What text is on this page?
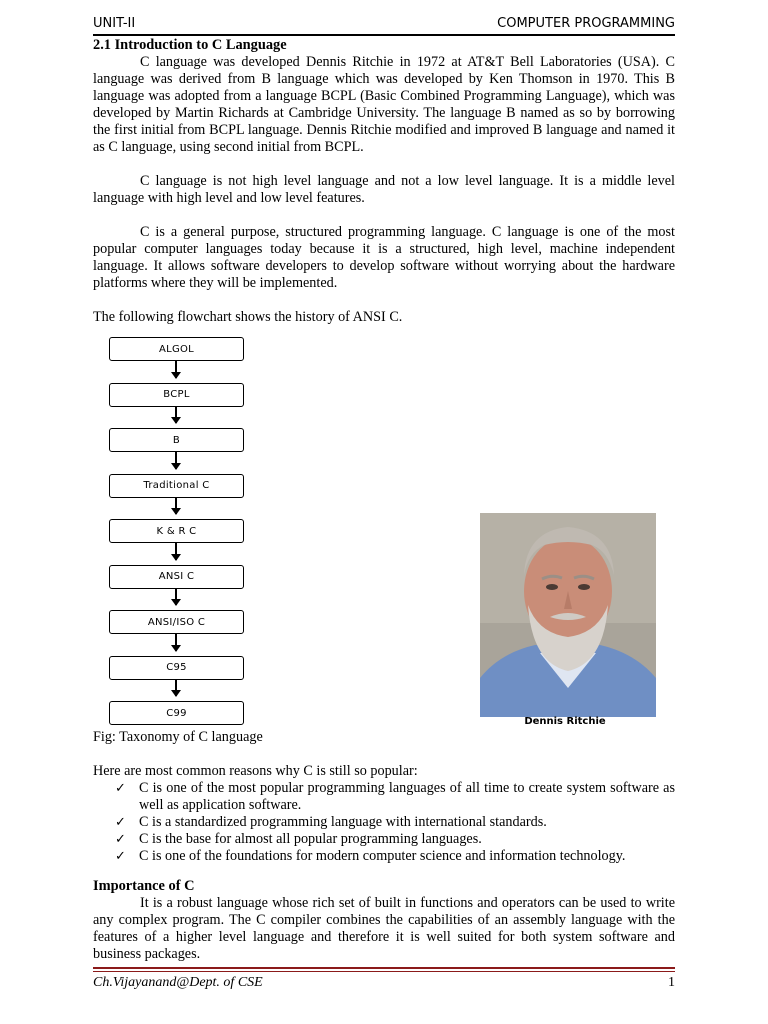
UNIT-II	COMPUTER PROGRAMMING

2.1 Introduction to C Language

C language was developed Dennis Ritchie in 1972 at AT&T Bell Laboratories (USA). C language was derived from B language which was developed by Ken Thomson in 1970. This B language was adopted from a language BCPL (Basic Combined Programming Language), which was developed by Martin Richards at Cambridge University. The language B named as so by borrowing the first initial from BCPL language. Dennis Ritchie modified and improved B language and named it as C language, using second initial from BCPL.

C language is not high level language and not a low level language. It is a middle level language with high level and low level features.

C is a general purpose, structured programming language. C language is one of the most popular computer languages today because it is a structured, high level, machine independent language. It allows software developers to develop software without worrying about the hardware platforms where they will be implemented.

The following flowchart shows the history of ANSI C.

ALGOL
BCPL
B
Traditional C
K & R C
ANSI C
ANSI/ISO C
C95
C99

Fig: Taxonomy of C language

Here are most common reasons why C is still so popular:

✓ C is one of the most popular programming languages of all time to create system software as well as application software.
✓ C is a standardized programming language with international standards.
✓ C is the base for almost all popular programming languages.
✓ C is one of the foundations for modern computer science and information technology.

Importance of C

It is a robust language whose rich set of built in functions and operators can be used to write any complex program. The C compiler combines the capabilities of an assembly language with the features of a higher level language and therefore it is well suited for both system software and business packages.

Dennis Ritchie
Ch.Vijayanand@Dept. of CSE	1
